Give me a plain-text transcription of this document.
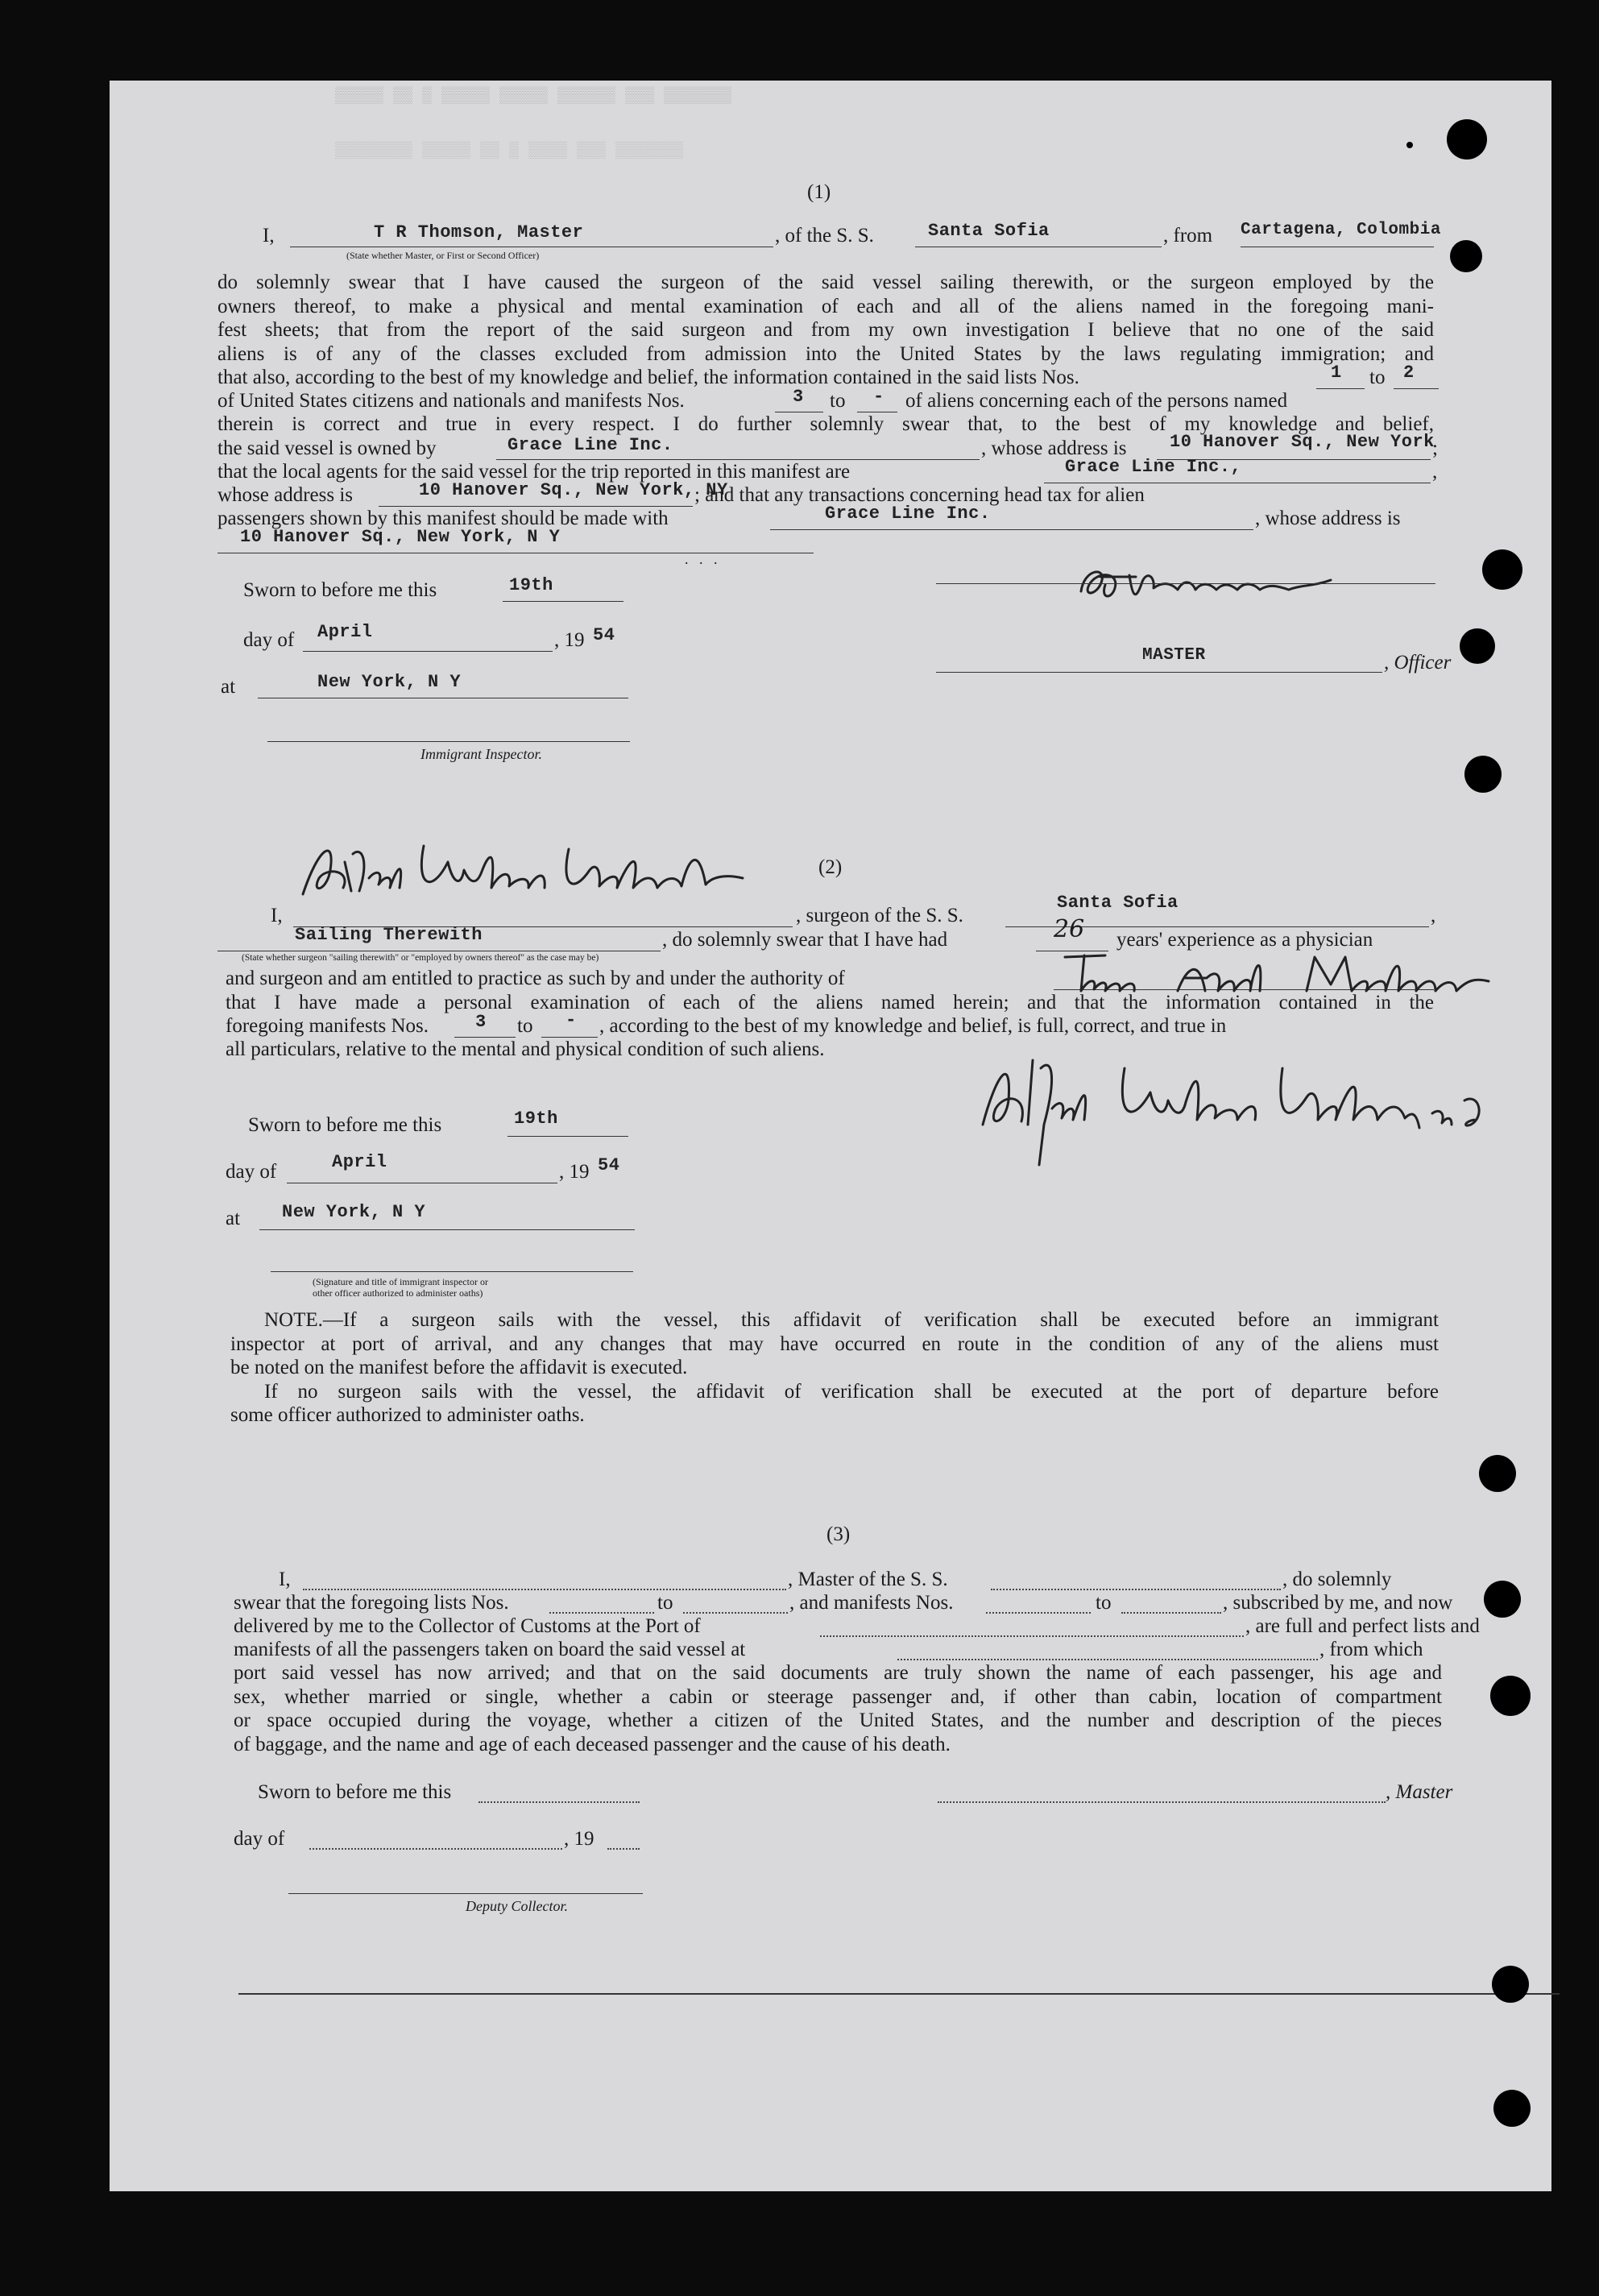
▒▒▒▒▒ ▒▒ ▒ ▒▒▒▒▒ ▒▒▒▒▒ ▒▒▒▒▒▒ ▒▒▒ ▒▒▒▒▒▒▒
▒▒▒▒▒▒▒▒ ▒▒▒▒▒ ▒▒ ▒ ▒▒▒▒ ▒▒▒ ▒▒▒▒▒▒▒
(1)
I,	T R Thomson, Master	, of the S. S.	Santa Sofia	, from Cartagena, Colombia
(State whether Master, or First or Second Officer)
do solemnly swear that I have caused the surgeon of the said vessel sailing therewith, or the surgeon employed by the
owners thereof, to make a physical and mental examination of each and all of the aliens named in the foregoing mani-
fest sheets; that from the report of the said surgeon and from my own investigation I believe that no one of the said
aliens is of any of the classes excluded from admission into the United States by the laws regulating immigration; and
that also, according to the best of my knowledge and belief, the information contained in the said lists Nos.	1 to 2
of United States citizens and nationals and manifests Nos.	3 to - of aliens concerning each of the persons named
therein is correct and true in every respect. I do further solemnly swear that, to the best of my knowledge and belief,
the said vessel is owned by	Grace Line Inc.	, whose address is 10 Hanover Sq., New York
;
that the local agents for the said vessel for the trip reported in this manifest are	Grace Line Inc.,	,
whose address is	10 Hanover Sq., New York, NY
; and that any transactions concerning head tax for alien
passengers shown by this manifest should be made with	Grace Line Inc.	, whose address is
10 Hanover Sq., New York, N Y
.   .   .
Sworn to before me this	19th
day of April	, 19 54
at	New York, N Y
Immigrant Inspector.
MASTER	, Officer
(2)
I,	, surgeon of the S. S.
Santa Sofia
,
Sailing Therewith	, do solemnly swear that I have had	26 years' experience as a physician
(State whether surgeon "sailing therewith" or "employed by owners thereof" as the case may be)
and surgeon and am entitled to practice as such by and under the authority of
that I have made a personal examination of each of the aliens named herein; and that the information contained in the
foregoing manifests Nos.	3 to - , according to the best of my knowledge and belief, is full, correct, and true in
all particulars, relative to the mental and physical condition of such aliens.
Sworn to before me this	19th
day of	April	, 19 54
at New York, N Y
(Signature and title of immigrant inspector or
other officer authorized to administer oaths)
NOTE.—If a surgeon sails with the vessel, this affidavit of verification shall be executed before an immigrant
inspector at port of arrival, and any changes that may have occurred en route in the condition of any of the aliens must
be noted on the manifest before the affidavit is executed.
If no surgeon sails with the vessel, the affidavit of verification shall be executed at the port of departure before
some officer authorized to administer oaths.
(3)
I,	, Master of the S. S.	, do solemnly
swear that the foregoing lists Nos.	to	, and manifests Nos.	to	, subscribed by me, and now
delivered by me to the Collector of Customs at the Port of	, are full and perfect lists and
manifests of all the passengers taken on board the said vessel at	, from which
port said vessel has now arrived; and that on the said documents are truly shown the name of each passenger, his age and
sex, whether married or single, whether a cabin or steerage passenger and, if other than cabin, location of compartment
or space occupied during the voyage, whether a citizen of the United States, and the number and description of the pieces
of baggage, and the name and age of each deceased passenger and the cause of his death.
Sworn to before me this	, Master
day of	, 19
Deputy Collector.
